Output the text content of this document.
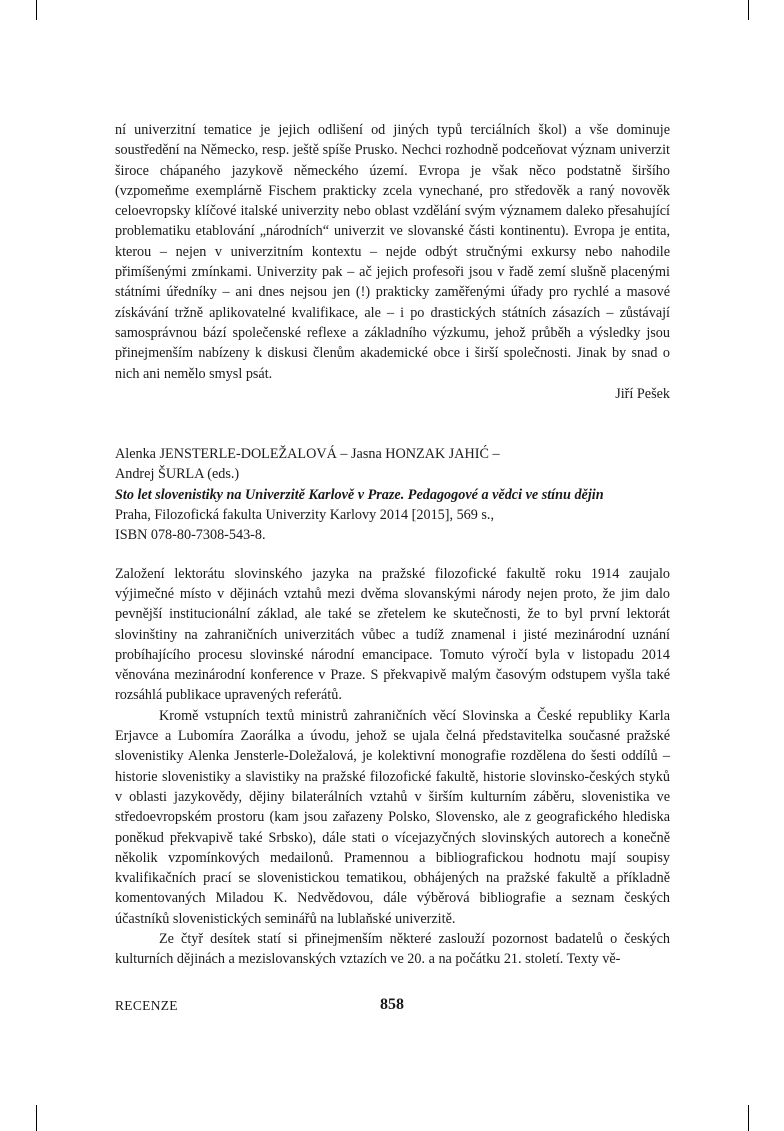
ní univerzitní tematice je jejich odlišení od jiných typů terciálních škol) a vše dominuje soustředění na Německo, resp. ještě spíše Prusko. Nechci rozhodně podceňovat význam univerzit široce chápaného jazykově německého území. Evropa je však něco podstatně širšího (vzpomeňme exemplárně Fischem prakticky zcela vynechané, pro středověk a raný novověk celoevropsky klíčové italské univerzity nebo oblast vzdělání svým významem daleko přesahující problematiku etablování „národních“ univerzit ve slovanské části kontinentu). Evropa je entita, kterou – nejen v univerzitním kontextu – nejde odbýt stručnými exkursy nebo nahodile přimíšenými zmínkami. Univerzity pak – ač jejich profesoři jsou v řadě zemí slušně placenými státními úředníky – ani dnes nejsou jen (!) prakticky zaměřenými úřady pro rychlé a masové získávání tržně aplikovatelné kvalifikace, ale – i po drastických státních zásazích – zůstávají samosprávnou bází společenské reflexe a základního výzkumu, jehož průběh a výsledky jsou přinejmenším nabízeny k diskusi členům akademické obce i širší společnosti. Jinak by snad o nich ani nemělo smysl psát.

Jiří Pešek

Alenka JENSTERLE-DOLEŽALOVÁ – Jasna HONZAK JAHIĆ –
Andrej ŠURLA (eds.)
Sto let slovenistiky na Univerzitě Karlově v Praze. Pedagogové a vědci ve stínu dějin
Praha, Filozofická fakulta Univerzity Karlovy 2014 [2015], 569 s.,
ISBN 078-80-7308-543-8.

Založení lektorátu slovinského jazyka na pražské filozofické fakultě roku 1914 zaujalo výjimečné místo v dějinách vztahů mezi dvěma slovanskými národy nejen proto, že jim dalo pevnější institucionální základ, ale také se zřetelem ke skutečnosti, že to byl první lektorát slovinštiny na zahraničních univerzitách vůbec a tudíž znamenal i jisté mezinárodní uznání probíhajícího procesu slovinské národní emancipace. Tomuto výročí byla v listopadu 2014 věnována mezinárodní konference v Praze. S překvapivě malým časovým odstupem vyšla také rozsáhlá publikace upravených referátů.

Kromě vstupních textů ministrů zahraničních věcí Slovinska a České republiky Karla Erjavce a Lubomíra Zaorálka a úvodu, jehož se ujala čelná představitelka současné pražské slovenistiky Alenka Jensterle-Doležalová, je kolektivní monografie rozdělena do šesti oddílů – historie slovenistiky a slavistiky na pražské filozofické fakultě, historie slovinsko-českých styků v oblasti jazykovědy, dějiny bilaterálních vztahů v širším kulturním záběru, slovenistika ve středoevropském prostoru (kam jsou zařazeny Polsko, Slovensko, ale z geografického hlediska poněkud překvapivě také Srbsko), dále stati o vícejazyčných slovinských autorech a konečně několik vzpomínkových medailonů. Pramennou a bibliografickou hodnotu mají soupisy kvalifikačních prací se slovenistickou tematikou, obhájených na pražské fakultě a příkladně komentovaných Miladou K. Nedvědovou, dále výběrová bibliografie a seznam českých účastníků slovenistických seminářů na lublaňské univerzitě.

Ze čtyř desítek statí si přinejmenším některé zaslouží pozornost badatelů o českých kulturních dějinách a mezislovanských vztazích ve 20. a na počátku 21. století. Texty vě-

RECENZE	858
